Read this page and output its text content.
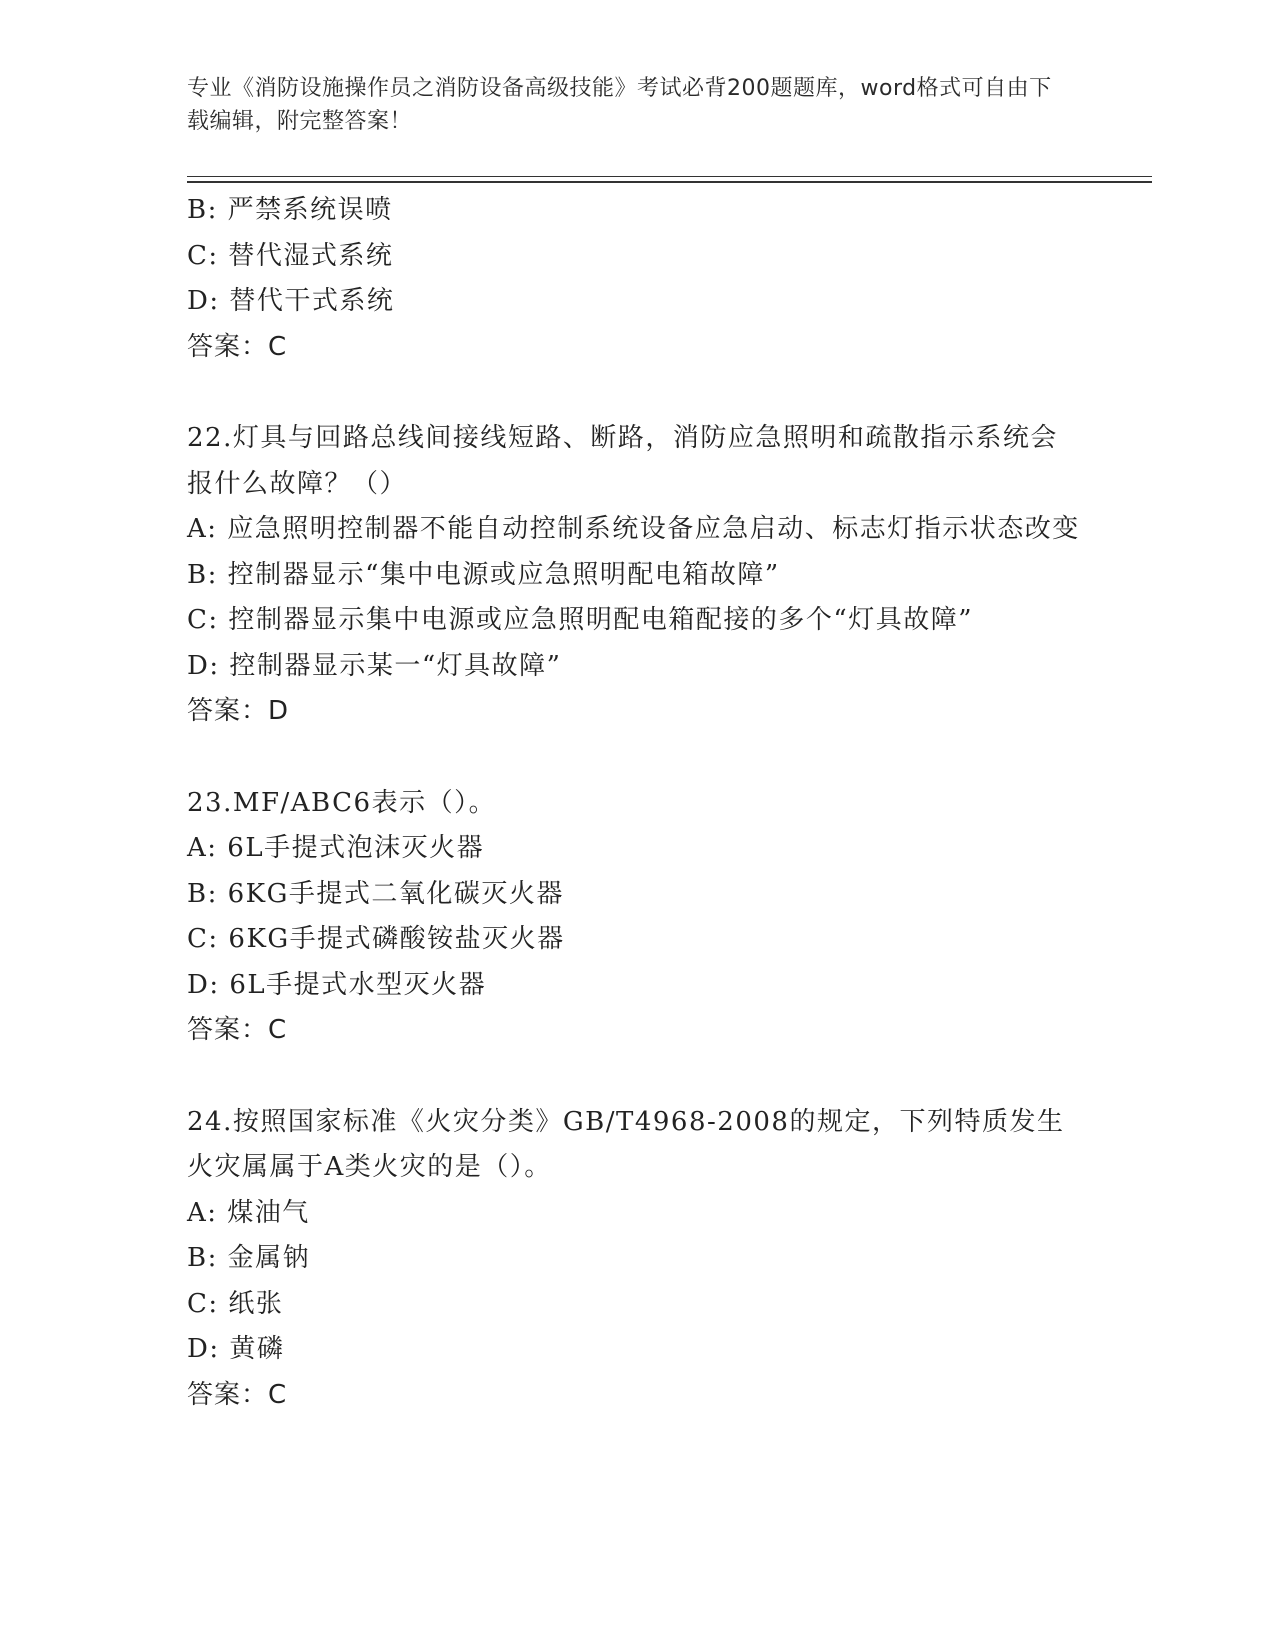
专业《消防设施操作员之消防设备高级技能》考试必背200题题库，word格式可自由下载编辑，附完整答案！

B: 严禁系统误喷

C: 替代湿式系统

D: 替代干式系统

答案：C

22.灯具与回路总线间接线短路、断路，消防应急照明和疏散指示系统会报什么故障？（）

A: 应急照明控制器不能自动控制系统设备应急启动、标志灯指示状态改变

B: 控制器显示“集中电源或应急照明配电箱故障”

C: 控制器显示集中电源或应急照明配电箱配接的多个“灯具故障”

D: 控制器显示某一“灯具故障”

答案：D

23.MF/ABC6表示（）。

A: 6L手提式泡沫灭火器

B: 6KG手提式二氧化碳灭火器

C: 6KG手提式磷酸铵盐灭火器

D: 6L手提式水型灭火器

答案：C

24.按照国家标准《火灾分类》GB/T4968-2008的规定，下列特质发生火灾属属于A类火灾的是（）。

A: 煤油气

B: 金属钠

C: 纸张

D: 黄磷

答案：C
